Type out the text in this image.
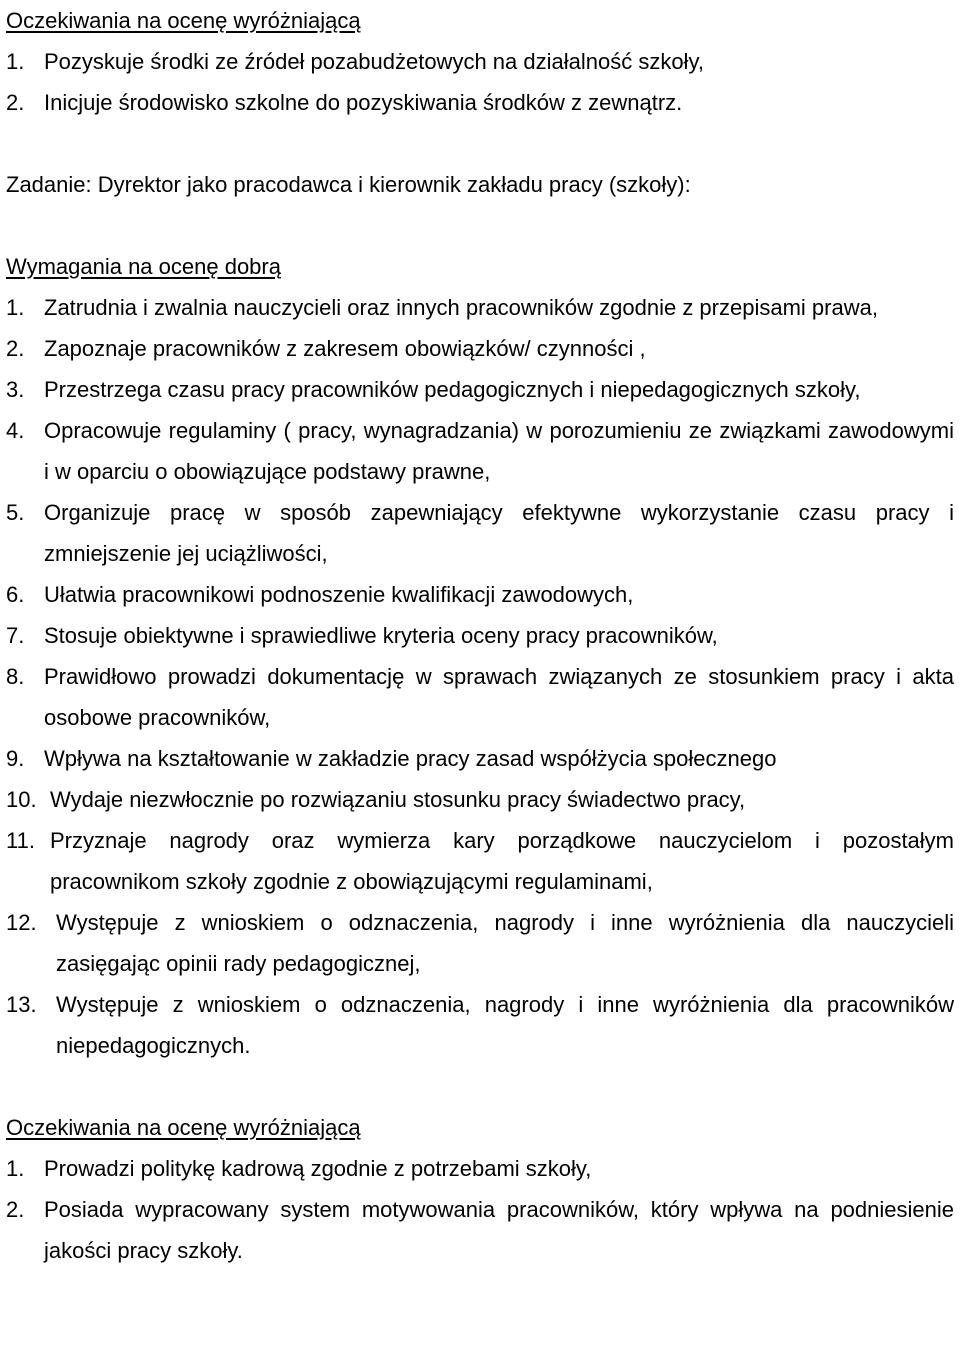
Oczekiwania na ocenę wyróżniającą
1. Pozyskuje środki ze źródeł pozabudżetowych na działalność szkoły,
2. Inicjuje środowisko szkolne do pozyskiwania środków z zewnątrz.

Zadanie: Dyrektor jako pracodawca i kierownik zakładu pracy (szkoły):

Wymagania na ocenę dobrą
1. Zatrudnia i zwalnia nauczycieli oraz innych pracowników zgodnie z przepisami prawa,
2. Zapoznaje pracowników z zakresem obowiązków/ czynności ,
3. Przestrzega czasu pracy pracowników pedagogicznych i niepedagogicznych szkoły,
4. Opracowuje regulaminy ( pracy, wynagradzania) w porozumieniu ze związkami zawodowymi i w oparciu o obowiązujące podstawy prawne,
5. Organizuje pracę w sposób zapewniający efektywne wykorzystanie czasu pracy i zmniejszenie jej uciążliwości,
6. Ułatwia pracownikowi podnoszenie kwalifikacji zawodowych,
7. Stosuje obiektywne i sprawiedliwe kryteria oceny pracy pracowników,
8. Prawidłowo prowadzi dokumentację w sprawach związanych ze stosunkiem pracy i akta osobowe pracowników,
9. Wpływa na kształtowanie w zakładzie pracy zasad współżycia społecznego
10. Wydaje niezwłocznie po rozwiązaniu stosunku pracy świadectwo pracy,
11. Przyznaje nagrody oraz wymierza kary porządkowe nauczycielom i pozostałym pracownikom szkoły zgodnie z obowiązującymi regulaminami,
12. Występuje z wnioskiem o odznaczenia, nagrody i inne wyróżnienia dla nauczycieli zasięgając opinii rady pedagogicznej,
13. Występuje z wnioskiem o odznaczenia, nagrody i inne wyróżnienia dla pracowników niepedagogicznych.
Oczekiwania na ocenę wyróżniającą
1. Prowadzi politykę kadrową zgodnie z potrzebami szkoły,
2. Posiada wypracowany system motywowania pracowników, który wpływa na podniesienie jakości pracy szkoły.
